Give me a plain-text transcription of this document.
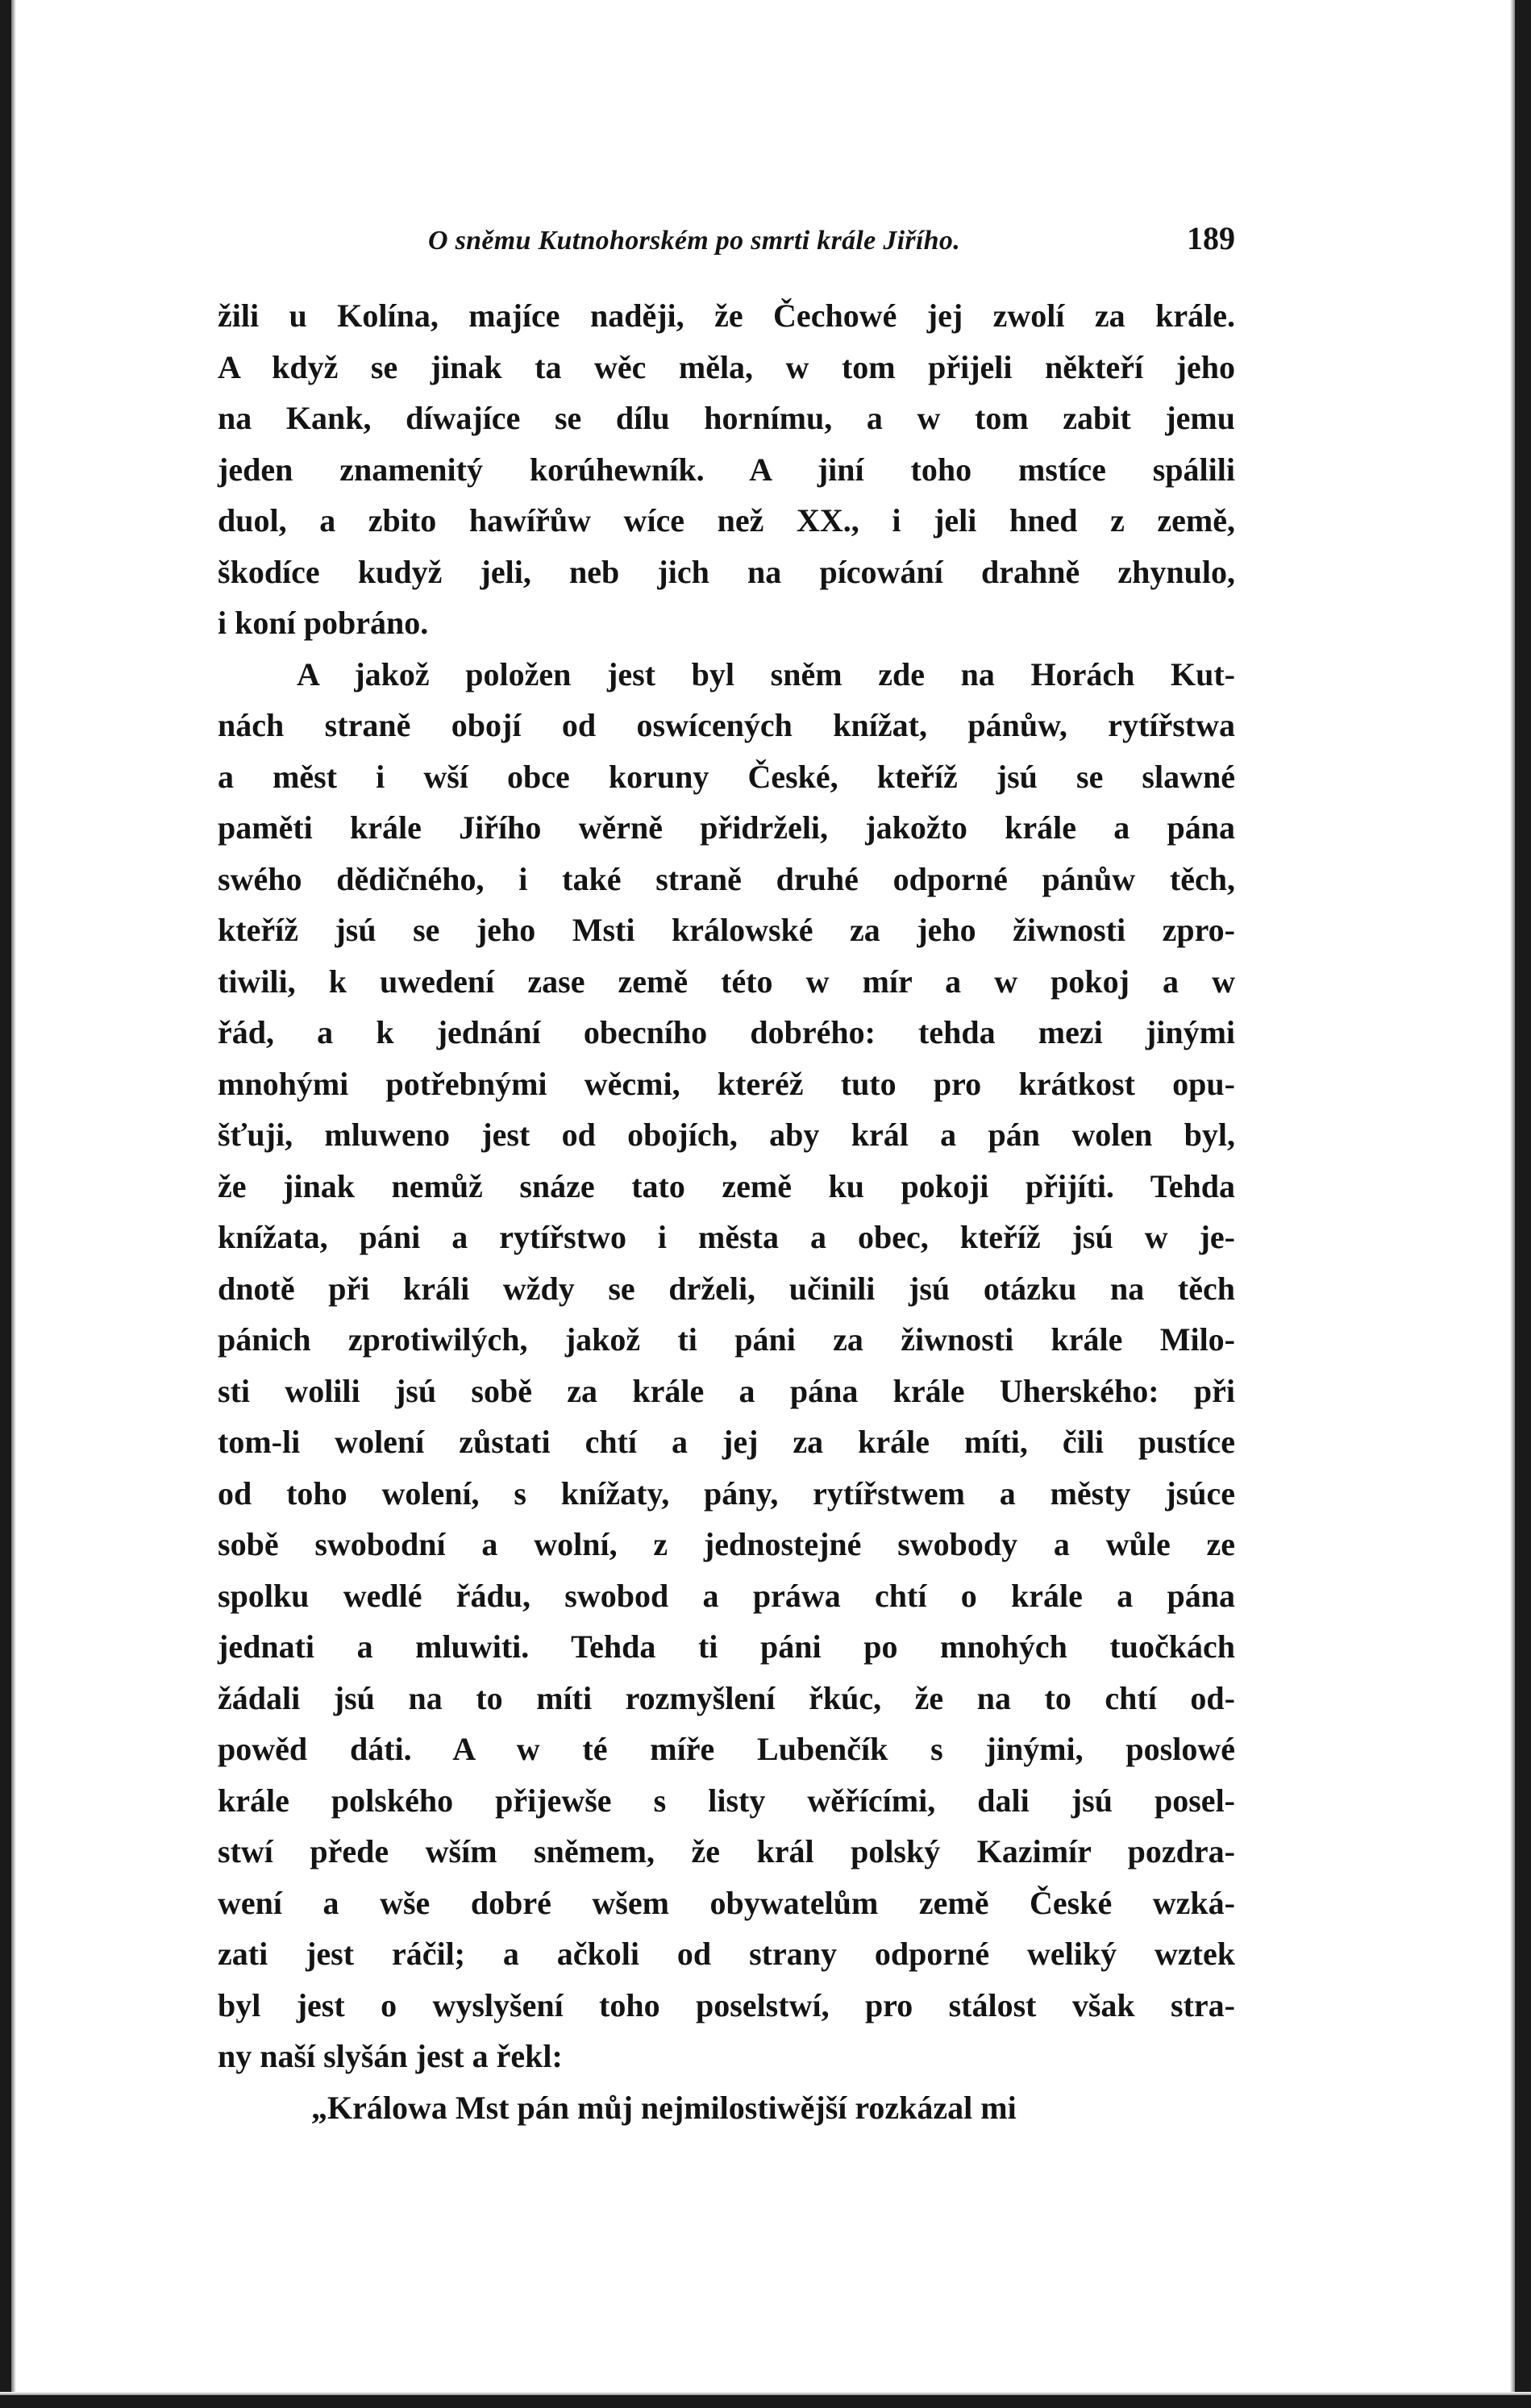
O sněmu Kutnohorském po smrti krále Jiřího.	189
žili u Kolína, majíce naději, že Čechowé jej zwolí za krále.
A když se jinak ta wěc měla, w tom přijeli někteří jeho
na Kank, díwajíce se dílu hornímu, a w tom zabit jemu
jeden znamenitý korúhewník. A jiní toho mstíce spálili
duol, a zbito hawířůw wíce než XX., i jeli hned z země,
škodíce kudyž jeli, neb jich na pícowání drahně zhynulo,
i koní pobráno.
A jakož položen jest byl sněm zde na Horách Kut-
nách straně obojí od oswícených knížat, pánůw, rytířstwa
a měst i wší obce koruny České, kteříž jsú se slawné
paměti krále Jiřího wěrně přidrželi, jakožto krále a pána
swého dědičného, i také straně druhé odporné pánůw těch,
kteříž jsú se jeho Msti králowské za jeho žiwnosti zpro-
tiwili, k uwedení zase země této w mír a w pokoj a w
řád, a k jednání obecního dobrého: tehda mezi jinými
mnohými potřebnými wěcmi, kteréž tuto pro krátkost opu-
šťuji, mluweno jest od obojích, aby král a pán wolen byl,
že jinak nemůž snáze tato země ku pokoji přijíti. Tehda
knížata, páni a rytířstwo i města a obec, kteříž jsú w je-
dnotě při králi wždy se drželi, učinili jsú otázku na těch
pánich zprotiwilých, jakož ti páni za žiwnosti krále Milo-
sti wolili jsú sobě za krále a pána krále Uherského: při
tom-li wolení zůstati chtí a jej za krále míti, čili pustíce
od toho wolení, s knížaty, pány, rytířstwem a městy jsúce
sobě swobodní a wolní, z jednostejné swobody a wůle ze
spolku wedlé řádu, swobod a práwa chtí o krále a pána
jednati a mluwiti. Tehda ti páni po mnohých tuočkách
žádali jsú na to míti rozmyšlení řkúc, že na to chtí od-
powěd dáti. A w té míře Lubenčík s jinými, poslowé
krále polského přijewše s listy wěřícími, dali jsú posel-
stwí přede wším sněmem, že král polský Kazimír pozdra-
wení a wše dobré wšem obywatelům země České wzká-
zati jest ráčil; a ačkoli od strany odporné weliký wztek
byl jest o wyslyšení toho poselstwí, pro stálost však stra-
ny naší slyšán jest a řekl:
„Králowa Mst pán můj nejmilostiwější rozkázal mi
